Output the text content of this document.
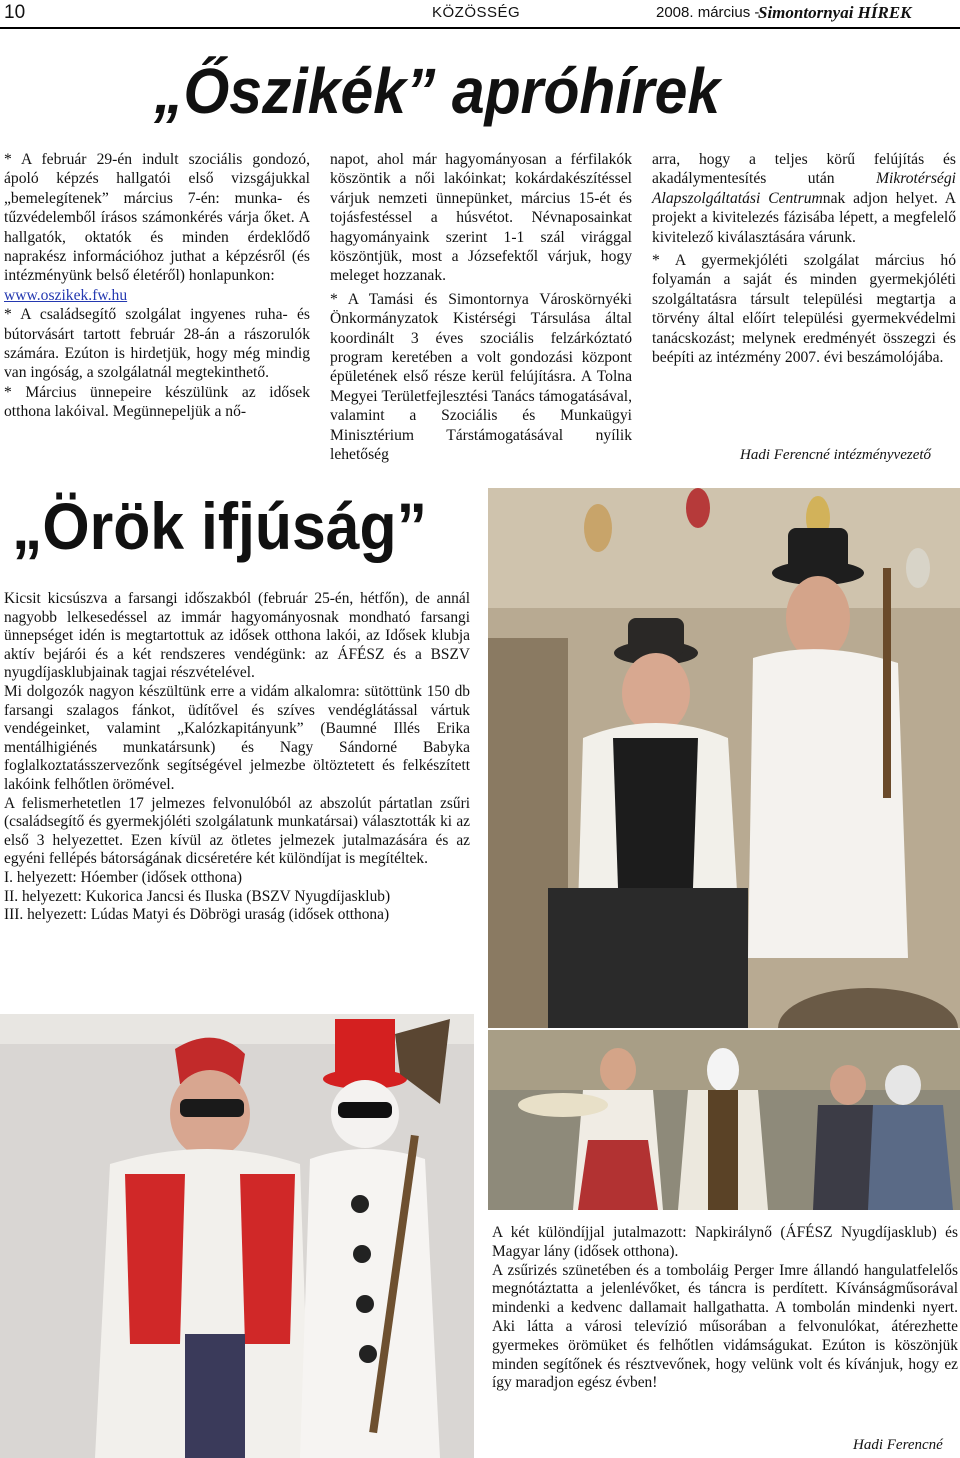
10	KÖZÖSSÉG	2008. március -
Simontornyai HÍREK
„Őszikék” apróhírek

* A február 29-én indult szociális gondozó, ápoló képzés hallgatói első vizsgájukkal „bemelegítenek” március 7-én: munka- és tűzvédelemből írásos számonkérés várja őket. A hallgatók, oktatók és minden érdeklődő naprakész információhoz juthat a képzésről (és intézményünk belső életéről) honlapunkon:

www.oszikek.fw.hu

* A családsegítő szolgálat ingyenes ruha- és bútorvásárt tartott február 28-án a rászorulók számára. Ezúton is hirdetjük, hogy még mindig van ingóság, a szolgálatnál megtekinthető.

* Március ünnepeire készülünk az idősek otthona lakóival. Megünnepeljük a nő-

napot, ahol már hagyományosan a férfilakók köszöntik a női lakóinkat; kokárdakészítéssel várjuk nemzeti ünnepünket, március 15-ét és tojásfestéssel a húsvétot. Névnaposainkat hagyományaink szerint 1-1 szál virággal köszöntjük, most a Józsefektől várjuk, hogy meleget hozzanak.

* A Tamási és Simontornya Városkörnyéki Önkormányzatok Kistérségi Társulása által koordinált 3 éves szociális felzárkóztató program keretében a volt gondozási központ épületének első része kerül felújításra. A Tolna Megyei Területfejlesztési Tanács támogatásával, valamint a Szociális és Munkaügyi Minisztérium Társtámogatásával nyílik lehetőség

arra, hogy a teljes körű felújítás és akadálymentesítés után Mikrotérségi Alapszolgáltatási Centrumnak adjon helyet. A projekt a kivitelezés fázisába lépett, a megfelelő kivitelező kiválasztására várunk.

* A gyermekjóléti szolgálat március hó folyamán a saját és minden gyermekjóléti szolgáltatásra társult települési megtartja a törvény által előírt települési gyermekvédelmi tanácskozást; melynek eredményét összegzi és beépíti az intézmény 2007. évi beszámolójába.

Hadi Ferencné intézményvezető
„Örök ifjúság”

Kicsit kicsúszva a farsangi időszakból (február 25-én, hétfőn), de annál nagyobb lelkesedéssel az immár hagyományosnak mondható farsangi ünnepséget idén is megtartottuk az idősek otthona lakói, az Idősek klubja aktív bejárói és a két rendszeres vendégünk: az ÁFÉSZ és a BSZV nyugdíjasklubjainak tagjai részvételével.

Mi dolgozók nagyon készültünk erre a vidám alkalomra: sütöttünk 150 db farsangi szalagos fánkot, üdítővel és szíves vendéglátással vártuk vendégeinket, valamint „Kalózkapitányunk” (Baumné Illés Erika mentálhigiénés munkatársunk) és Nagy Sándorné Babyka foglalkoztatásszervezőnk segítségével jelmezbe öltöztetett és felkészített lakóink felhőtlen örömével.

A felismerhetetlen 17 jelmezes felvonulóból az abszolút pártatlan zsűri (családsegítő és gyermekjóléti szolgálatunk munkatársai) választották ki az első 3 helyezettet. Ezen kívül az ötletes jelmezek jutalmazására és az egyéni fellépés bátorságának dicséretére két különdíjat is megítéltek.

I. helyezett: Hóember (idősek otthona)

II. helyezett: Kukorica Jancsi és Iluska (BSZV Nyugdíjasklub)

III. helyezett: Lúdas Matyi és Döbrögi uraság (idősek otthona)

A két különdíjjal jutalmazott: Napkirálynő (ÁFÉSZ Nyugdíjasklub) és Magyar lány (idősek otthona).

A zsűrizés szünetében és a tomboláig Perger Imre állandó hangulatfelelős megnótáztatta a jelenlévőket, és táncra is perdített. Kívánságműsorával mindenki a kedvenc dallamait hallgathatta. A tombolán mindenki nyert. Aki látta a városi televízió műsorában a felvonulókat, átérezhette gyermekes örömüket és felhőtlen vidámságukat. Ezúton is köszönjük minden segítőnek és résztvevőnek, hogy velünk volt és kívánjuk, hogy ez így maradjon egész évben!

Hadi Ferencné
